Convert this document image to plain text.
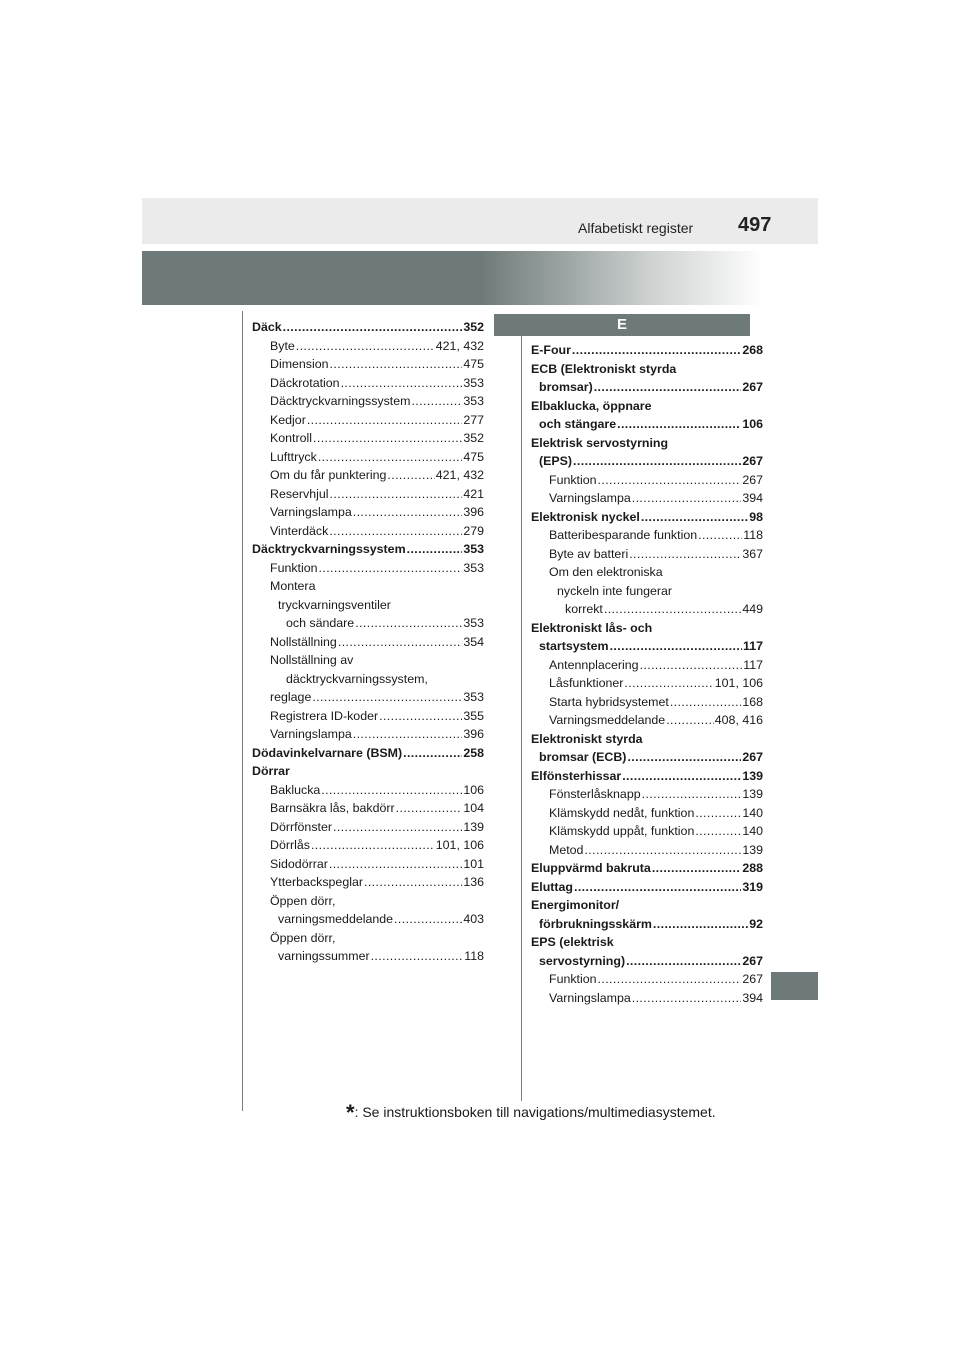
Alfabetiskt register 497
E
Däck .....	352
Byte .....	421, 432
Dimension .....	475
Däckrotation .....	353
Däcktryckvarningssystem .....	353
Kedjor .....	277
Kontroll .....	352
Lufttryck .....	475
Om du får punktering .....	421, 432
Reservhjul .....	421
Varningslampa .....	396
Vinterdäck .....	279
Däcktryckvarningssystem .....	353
Funktion .....	353
Montera
tryckvarningsventiler
och sändare .....	353
Nollställning .....	354
Nollställning av
däcktryckvarningssystem,
reglage .....	353
Registrera ID-koder .....	355
Varningslampa .....	396
Dödavinkelvarnare (BSM) .....	258
Dörrar
Baklucka .....	106
Barnsäkra lås, bakdörr .....	104
Dörrfönster .....	139
Dörrlås .....	101, 106
Sidodörrar .....	101
Ytterbackspeglar .....	136
Öppen dörr,
varningsmeddelande .....	403
Öppen dörr,
varningssummer .....	118
E-Four .....	268
ECB (Elektroniskt styrda
bromsar) .....	267
Elbaklucka, öppnare
och stängare .....	106
Elektrisk servostyrning
(EPS) .....	267
Funktion .....	267
Varningslampa .....	394
Elektronisk nyckel .....	98
Batteribesparande funktion .....	118
Byte av batteri .....	367
Om den elektroniska
nyckeln inte fungerar
korrekt .....	449
Elektroniskt lås- och
startsystem .....	117
Antennplacering .....	117
Låsfunktioner .....	101, 106
Starta hybridsystemet .....	168
Varningsmeddelande .....	408, 416
Elektroniskt styrda
bromsar (ECB) .....	267
Elfönsterhissar .....	139
Fönsterlåsknapp .....	139
Klämskydd nedåt, funktion .....	140
Klämskydd uppåt, funktion .....	140
Metod .....	139
Eluppvärmd bakruta .....	288
Eluttag .....	319
Energimonitor/
förbrukningsskärm .....	92
EPS (elektrisk
servostyrning) .....	267
Funktion .....	267
Varningslampa .....	394
*: Se instruktionsboken till navigations/multimediasystemet.
